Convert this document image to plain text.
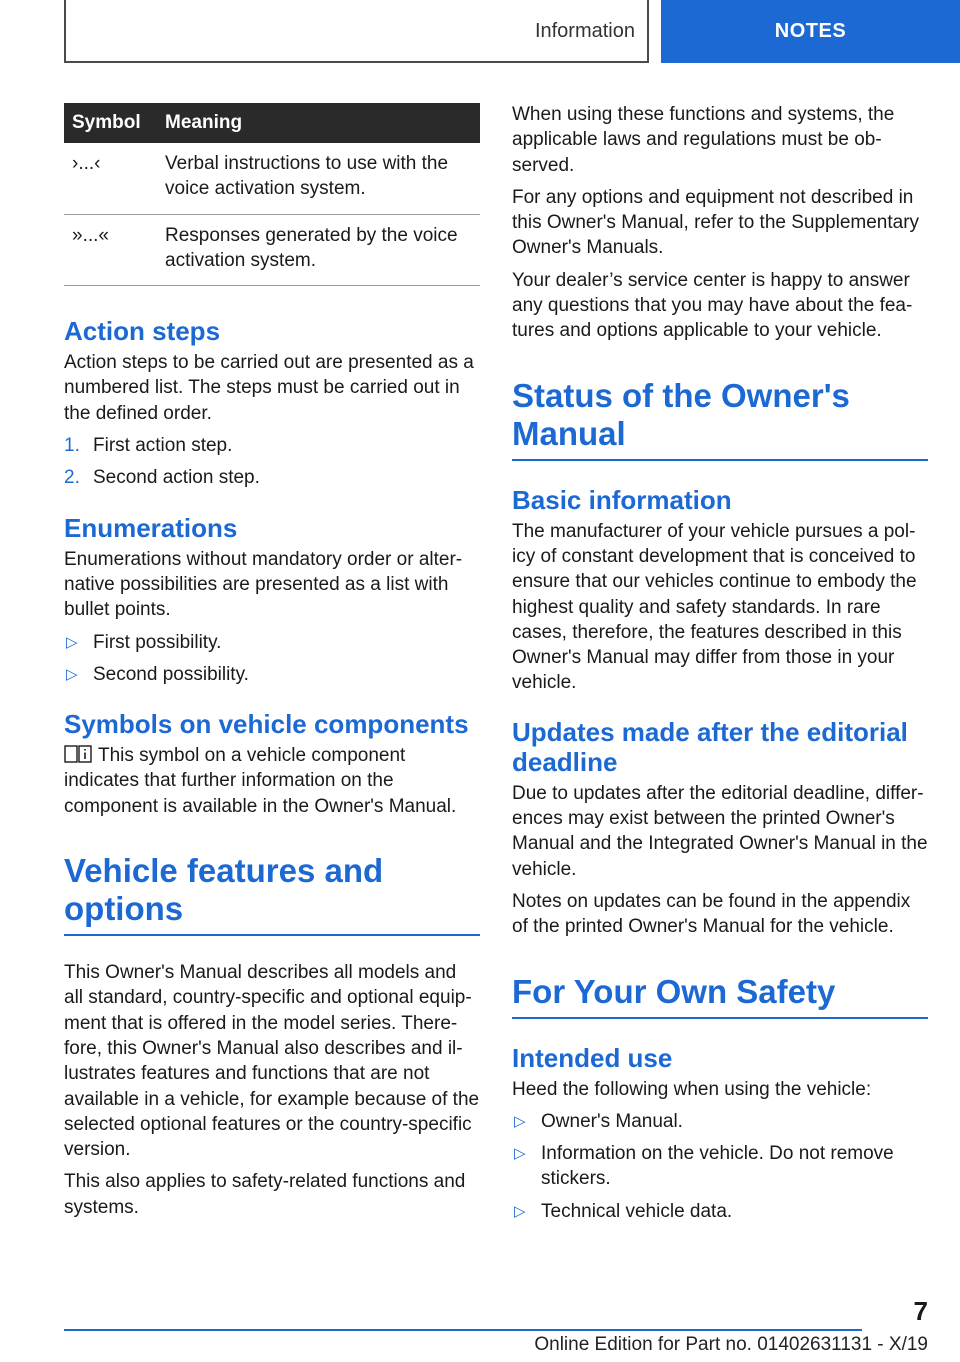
Information	NOTES
Symbol	Meaning
›...‹	Verbal instructions to use with the voice activation system.
»...«	Responses generated by the voice activation system.
Action steps

Action steps to be carried out are presented as a numbered list. The steps must be carried out in the defined order.

1. First action step.
2. Second action step.
Enumerations

Enumerations without mandatory order or alter-native possibilities are presented as a list with bullet points.

▷ First possibility.
▷ Second possibility.
Symbols on vehicle components

This symbol on a vehicle component indicates that further information on the component is available in the Owner's Manual.

Vehicle features and options

This Owner's Manual describes all models and all standard, country-specific and optional equip-ment that is offered in the model series. There-fore, this Owner's Manual also describes and il-lustrates features and functions that are not available in a vehicle, for example because of the selected optional features or the country-specific version.

This also applies to safety-related functions and systems.

When using these functions and systems, the applicable laws and regulations must be ob-served.

For any options and equipment not described in this Owner's Manual, refer to the Supplementary Owner's Manuals.

Your dealer’s service center is happy to answer any questions that you may have about the fea-tures and options applicable to your vehicle.

Status of the Owner's Manual
Basic information

The manufacturer of your vehicle pursues a pol-icy of constant development that is conceived to ensure that our vehicles continue to embody the highest quality and safety standards. In rare cases, therefore, the features described in this Owner's Manual may differ from those in your vehicle.

Updates made after the editorial deadline

Due to updates after the editorial deadline, differ-ences may exist between the printed Owner's Manual and the Integrated Owner's Manual in the vehicle.

Notes on updates can be found in the appendix of the printed Owner's Manual for the vehicle.

For Your Own Safety
Intended use

Heed the following when using the vehicle:

▷ Owner's Manual.
▷ Information on the vehicle. Do not remove stickers.
▷ Technical vehicle data.
7
Online Edition for Part no. 01402631131 - X/19
